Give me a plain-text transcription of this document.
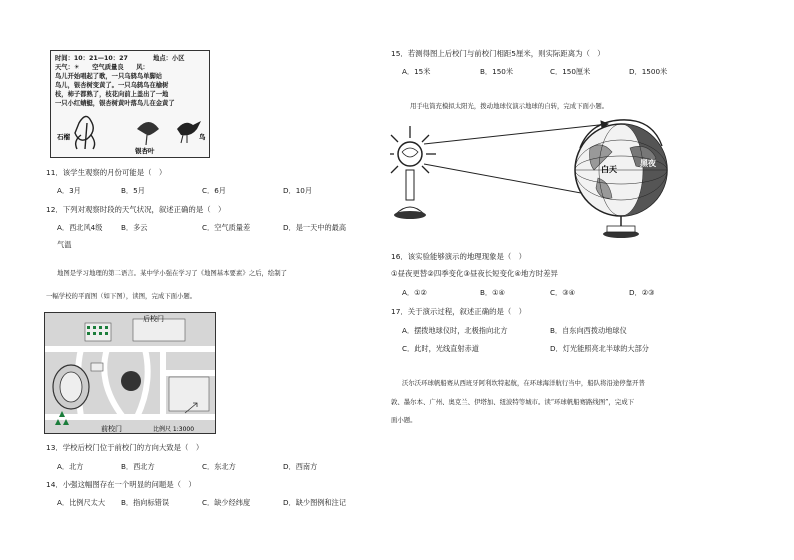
时间：10：21—10：27　　　　地点：小区
天气：☀　　空气质量良　　风：
鸟儿开始唱起了歌，一只乌鸫鸟单脚站
鸟儿，银杏树变黄了。一只乌鸫鸟在榆树
枝，柿子都熟了，枝花向前上盖出了一地
一只小红蜻蜓，银杏树黄叶落鸟儿在金黄了
石榴
银杏叶
鸟
11．该学生观察的月份可能是（　）
A．3月	B．5月	C．6月	D．10月
12．下列对观察时段的天气状况，叙述正确的是（　）
A．西北风4级	B．多云	C．空气质量差	D．是一天中的最高
气温
地图是学习地理的第二语言。某中学小强在学习了《地图基本要素》之后，绘制了
一幅学校的平面图（如下图），读图，完成下面小题。
后校门
前校门	比例尺 1:3000
13．学校后校门位于前校门的方向大致是（　）
A．北方	B．西北方	C．东北方	D．西南方
14．小强这幅图存在一个明显的问题是（　）
A．比例尺太大 B．指向标错误	C．缺少经纬度	D．缺少图例和注记
15．若测得图上后校门与前校门相距5厘米，则实际距离为（　）
A．15米	B．150米	C．150厘米	D．1500米
用手电筒充模拟太阳光，拨动地球仪演示地球的自转，完成下面小题。
白天
黑夜
16．该实验能够演示的地理现象是（　）
①昼夜更替②四季变化③昼夜长短变化④地方时差异
A．①②	B．①④	C．③④	D．②③
17．关于演示过程，叙述正确的是（　）
A．摆拨地球仪时，北极指向北方	B．自东向西拨动地球仪
C．此时，光线直射赤道	D．灯光能照亮北半球的大部分
沃尔沃环球帆船赛从西班牙阿利坎特起航，在环球海洋航行当中，船队将沿途停靠开普
敦、墨尔本、广州、奥克兰、伊塔加、纽波特等城市。读“环球帆船赛路线图”，完成下
面小题。
